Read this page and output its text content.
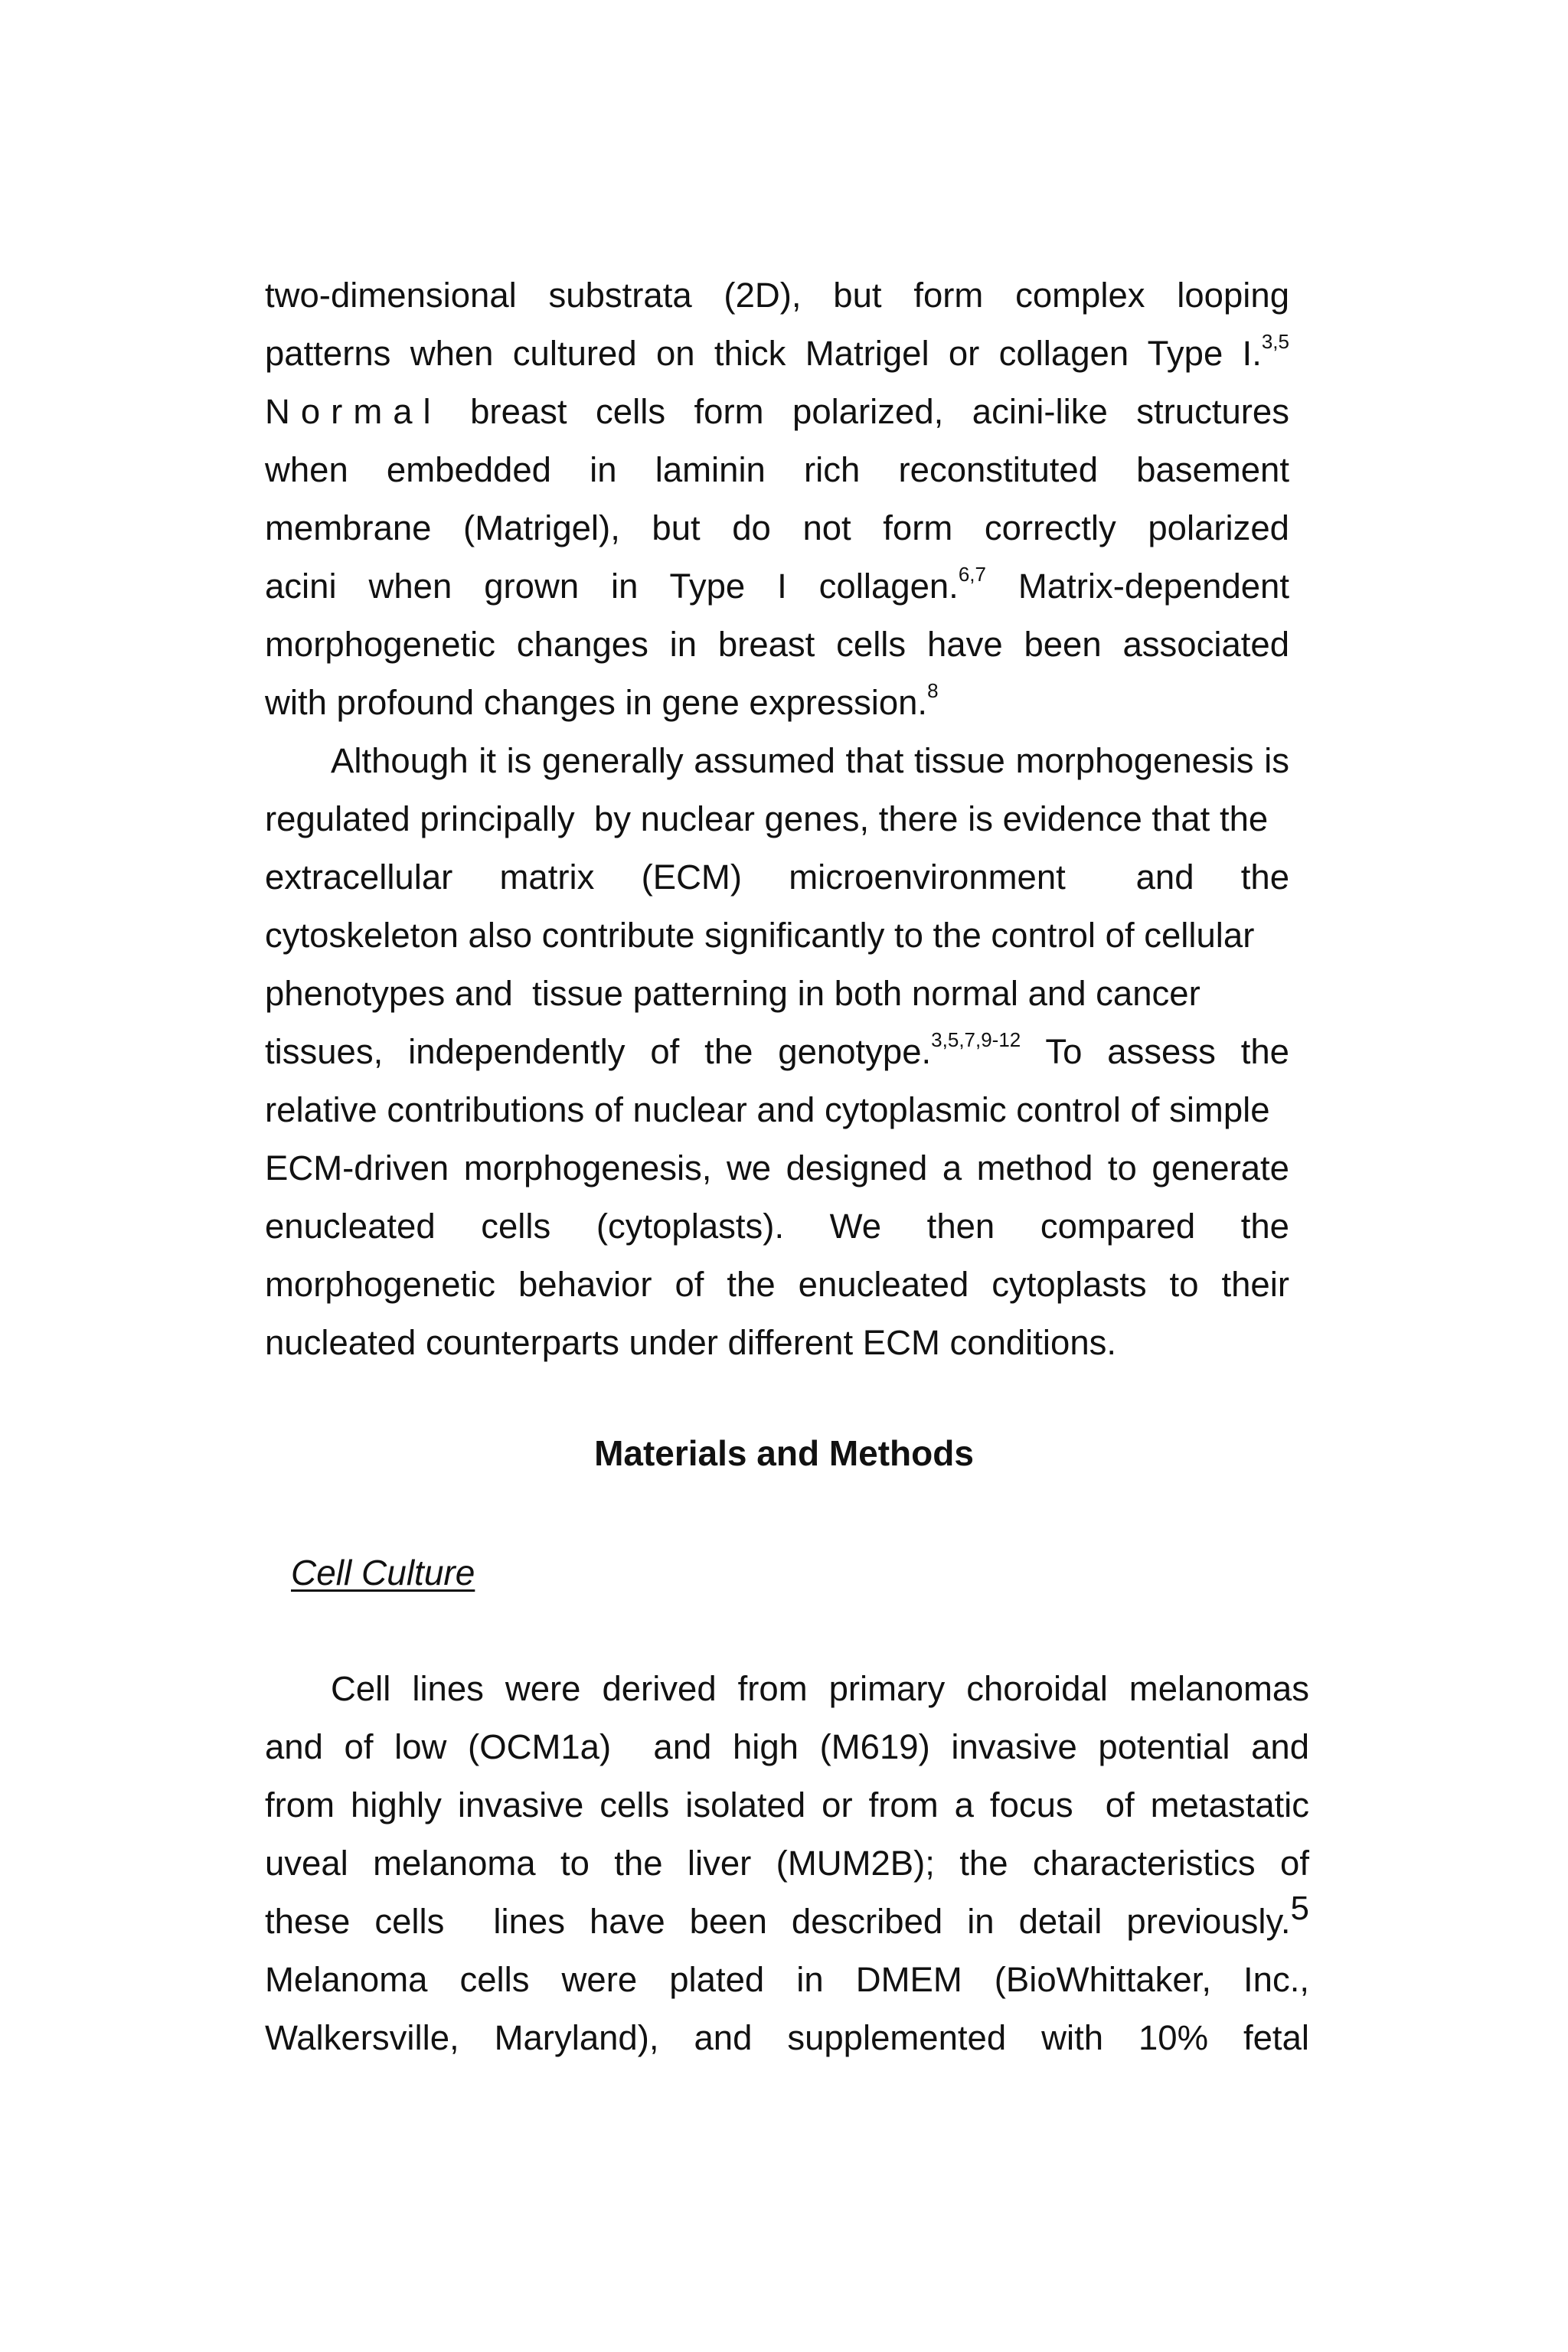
two-dimensional substrata (2D), but form complex looping
patterns when cultured on thick Matrigel or collagen Type I.$^{3,5}$
Normal breast cells form polarized, acini-like structures
when embedded in laminin rich reconstituted basement
membrane (Matrigel), but do not form correctly polarized
acini when grown in Type I collagen.$^{6,7}$ Matrix-dependent
morphogenetic changes in breast cells have been associated
with profound changes in gene expression.$^8$
Although it is generally assumed that tissue morphogenesis is
regulated principally  by nuclear genes, there is evidence that the
extracellular  matrix  (ECM)  microenvironment   and  the
cytoskeleton also contribute significantly to the control of cellular
phenotypes and  tissue patterning in both normal and cancer
tissues, independently of the genotype.$^{3,5,7,9-12}$ To assess the
relative contributions of nuclear and cytoplasmic control of simple
ECM-driven morphogenesis, we designed a method to generate
enucleated cells (cytoplasts). We then compared the
morphogenetic behavior of the enucleated cytoplasts to their
nucleated counterparts under different ECM conditions.
Materials and Methods
Cell Culture
Cell lines were derived from primary choroidal melanomas
and of low (OCM1a)  and high (M619) invasive potential and
from highly invasive cells isolated or from a focus  of metastatic
uveal melanoma to the liver (MUM2B); the characteristics of
these cells  lines have been described in detail previously.$^5$
Melanoma cells were plated in DMEM (BioWhittaker, Inc.,
Walkersville, Maryland), and supplemented with 10% fetal
